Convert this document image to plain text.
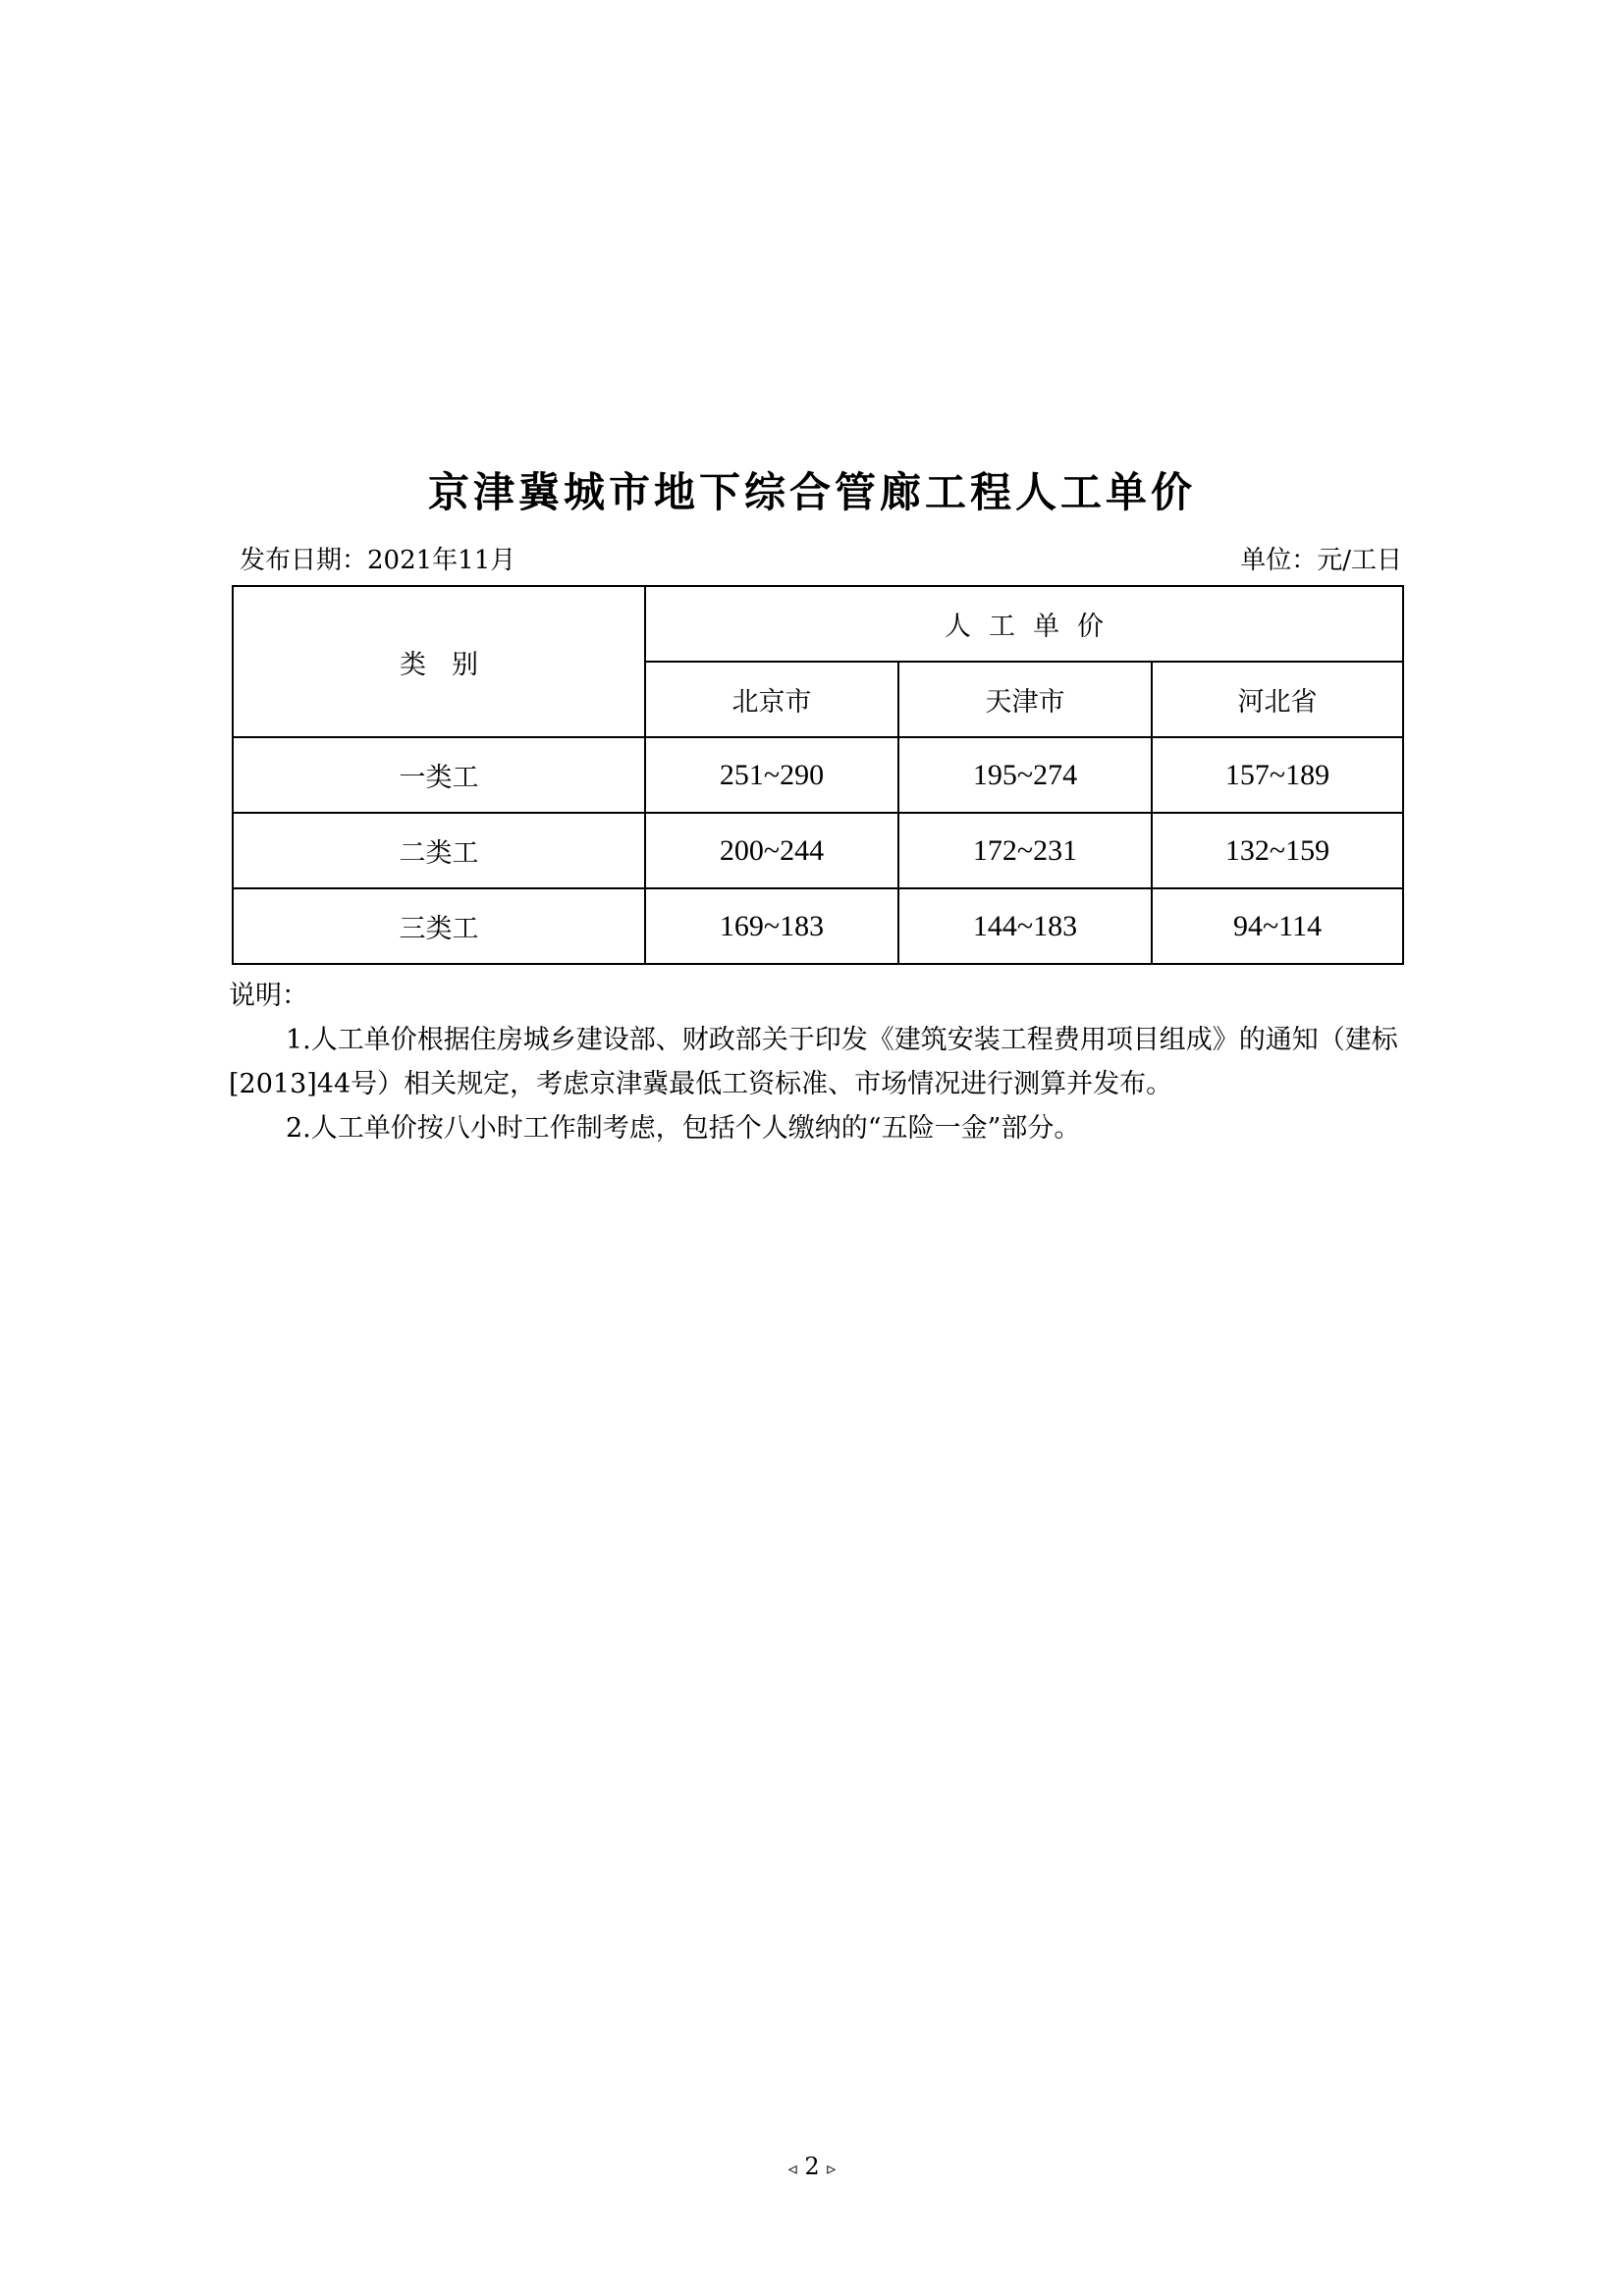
京津冀城市地下综合管廊工程人工单价
发布日期：2021年11月	单位：元/工日
类别	人工单价		
	北京市	天津市	河北省
一类工	251~290	195~274	157~189
二类工	200~244	172~231	132~159
三类工	169~183	144~183	94~114

说明：

1.人工单价根据住房城乡建设部、财政部关于印发《建筑安装工程费用项目组成》的通知（建标[2013]44号）相关规定，考虑京津冀最低工资标准、市场情况进行测算并发布。

2.人工单价按八小时工作制考虑，包括个人缴纳的“五险一金”部分。

◃ 2 ▹
